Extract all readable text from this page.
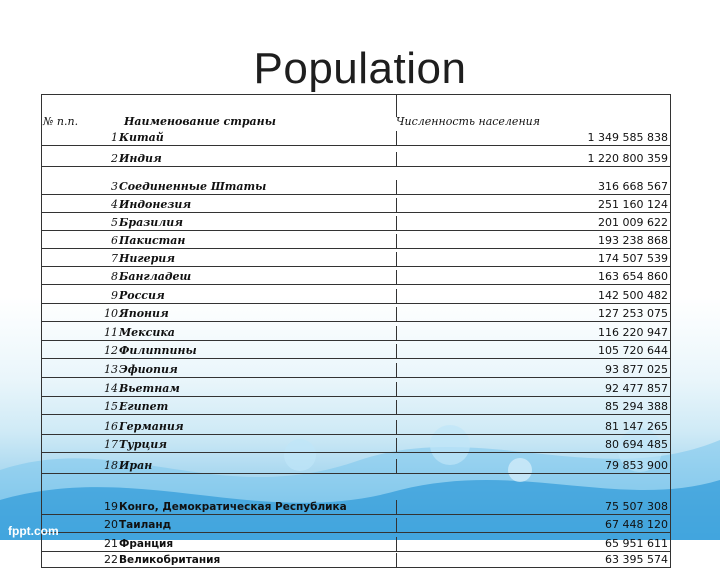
Population
№ п.п.	Наименование страны	Численность населения
1 Китай	1 349 585 838
2 Индия	1 220 800 359
3 Соединенные Штаты	316 668 567
4 Индонезия	251 160 124
5 Бразилия	201 009 622
6 Пакистан	193 238 868
7 Нигерия	174 507 539
8 Бангладеш	163 654 860
9 Россия	142 500 482
10 Япония	127 253 075
11 Мексика	116 220 947
12 Филиппины	105 720 644
13 Эфиопия	93 877 025
14 Вьетнам	92 477 857
15 Египет	85 294 388
16 Германия	81 147 265
17 Турция	80 694 485
18 Иран	79 853 900
19 Конго, Демократическая Республика	75 507 308
20 Таиланд	67 448 120
21 Франция	65 951 611
22 Великобритания	63 395 574
fppt.com
